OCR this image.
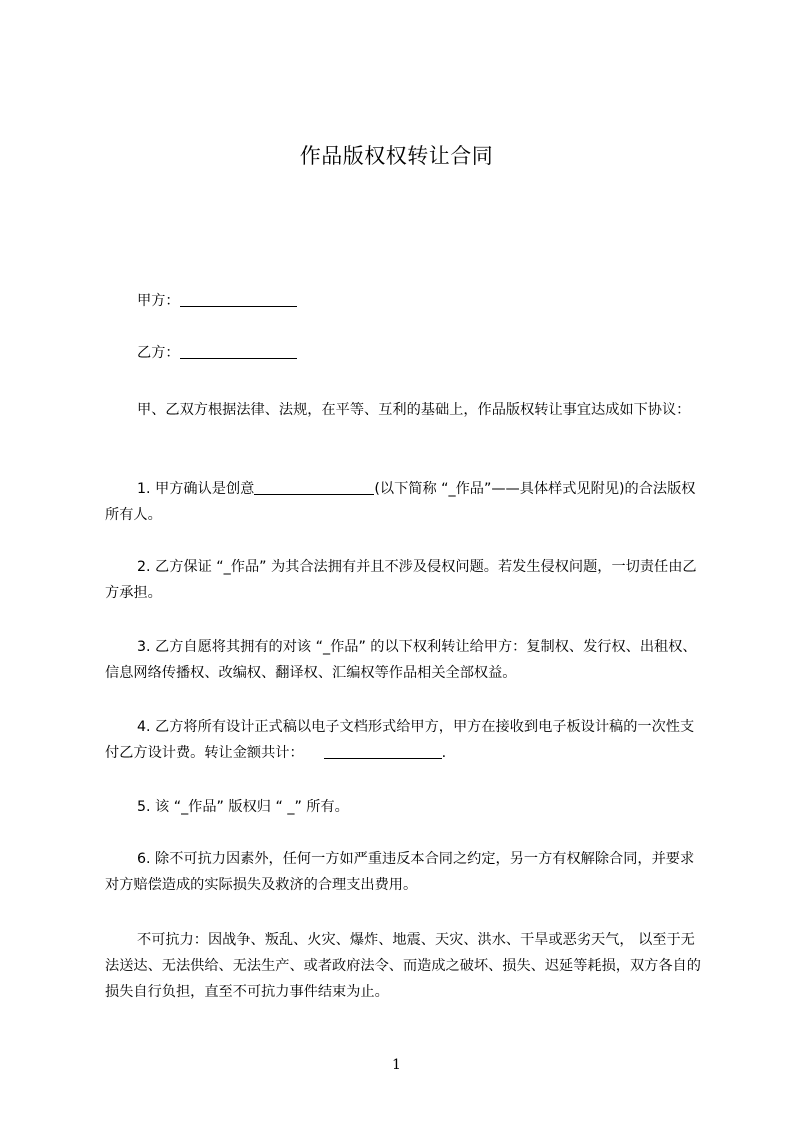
作品版权权转让合同
甲方：
乙方：
甲、乙双方根据法律、法规，在平等、互利的基础上，作品版权转让事宜达成如下协议：
1. 甲方确认是创意	(以下简称 “_作品”——具体样式见附见)的合法版权所有人。
2. 乙方保证 “_作品” 为其合法拥有并且不涉及侵权问题。若发生侵权问题，一切责任由乙方承担。
3. 乙方自愿将其拥有的对该 “_作品” 的以下权利转让给甲方：复制权、发行权、出租权、信息网络传播权、改编权、翻译权、汇编权等作品相关全部权益。
4. 乙方将所有设计正式稿以电子文档形式给甲方，甲方在接收到电子板设计稿的一次性支付乙方设计费。转让金额共计：	.
5. 该 “_作品” 版权归 “ _” 所有。
6. 除不可抗力因素外，任何一方如严重违反本合同之约定，另一方有权解除合同，并要求对方赔偿造成的实际损失及救济的合理支出费用。
不可抗力：因战争、叛乱、火灾、爆炸、地震、天灾、洪水、干旱或恶劣天气， 以至于无法送达、无法供给、无法生产、或者政府法令、而造成之破坏、损失、迟延等耗损，双方各自的损失自行负担，直至不可抗力事件结束为止。
1
